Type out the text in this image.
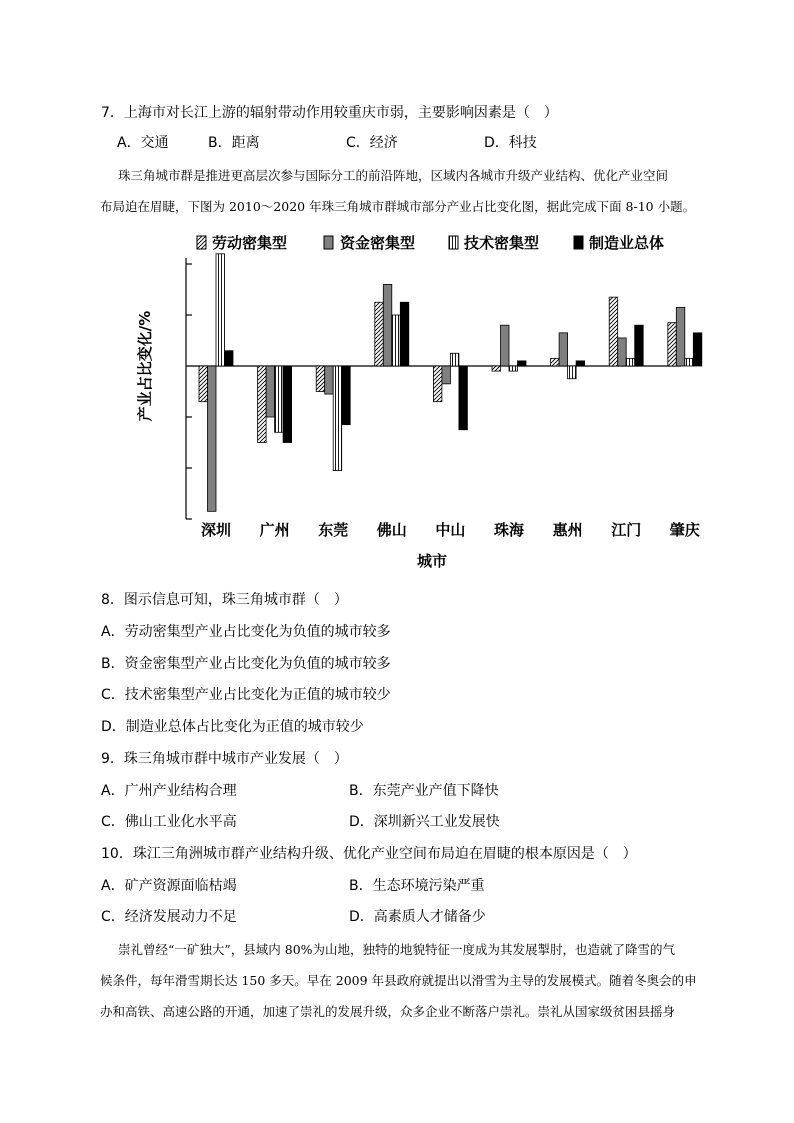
7．上海市对长江上游的辐射带动作用较重庆市弱，主要影响因素是（　）
A．交通	B．距离	C．经济	D．科技
珠三角城市群是推进更高层次参与国际分工的前沿阵地，区域内各城市升级产业结构、优化产业空间
布局迫在眉睫，下图为 2010～2020 年珠三角城市群城市部分产业占比变化图，据此完成下面 8-10 小题。
劳动密集型	资金密集型	技术密集型	制造业总体
产业占比变化/%
深圳 广州 东莞 佛山 中山 珠海 惠州 江门 肇庆
城市
8．图示信息可知，珠三角城市群（　）
A．劳动密集型产业占比变化为负值的城市较多
B．资金密集型产业占比变化为负值的城市较多
C．技术密集型产业占比变化为正值的城市较少
D．制造业总体占比变化为正值的城市较少
9．珠三角城市群中城市产业发展（　）
A．广州产业结构合理	B．东莞产业产值下降快
C．佛山工业化水平高	D．深圳新兴工业发展快
10．珠江三角洲城市群产业结构升级、优化产业空间布局迫在眉睫的根本原因是（　）
A．矿产资源面临枯竭	B．生态环境污染严重
C．经济发展动力不足	D．高素质人才储备少
崇礼曾经“一矿独大”，县域内 80%为山地，独特的地貌特征一度成为其发展掣肘，也造就了降雪的气
候条件，每年滑雪期长达 150 多天。早在 2009 年县政府就提出以滑雪为主导的发展模式。随着冬奥会的申
办和高铁、高速公路的开通，加速了崇礼的发展升级，众多企业不断落户崇礼。崇礼从国家级贫困县摇身
